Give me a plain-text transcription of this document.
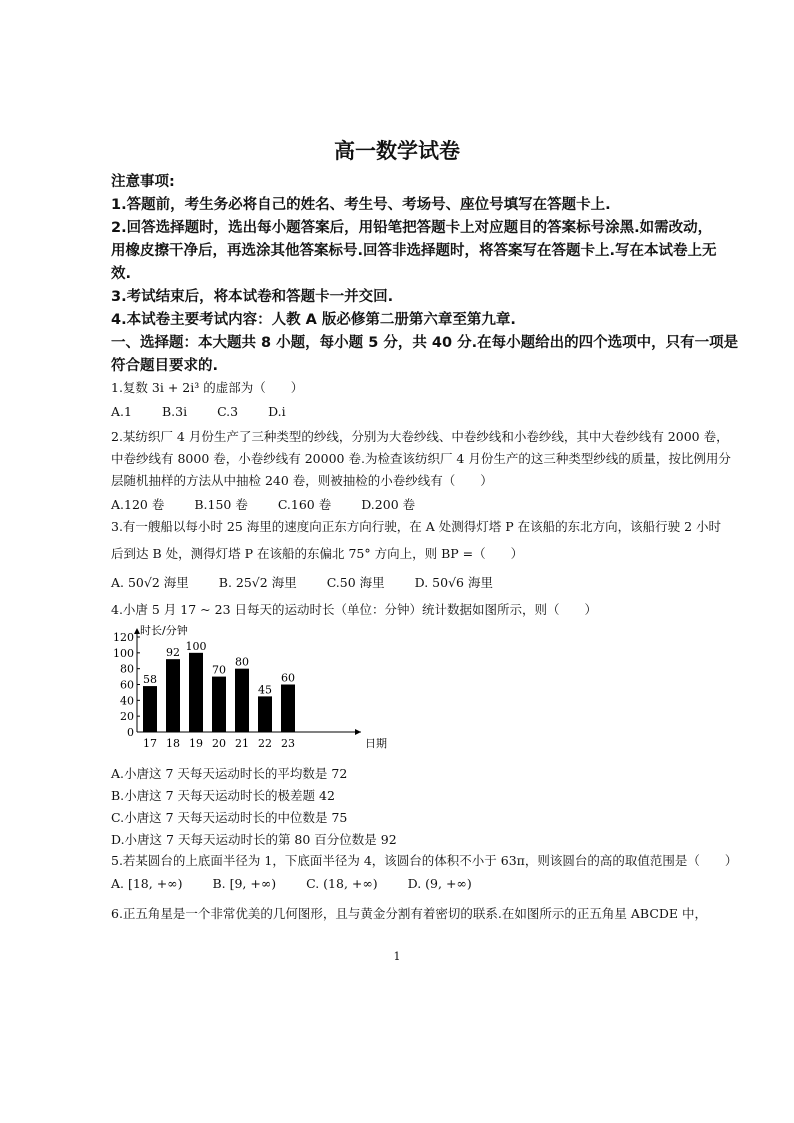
高一数学试卷
注意事项:
1.答题前，考生务必将自己的姓名、考生号、考场号、座位号填写在答题卡上.
2.回答选择题时，选出每小题答案后，用铅笔把答题卡上对应题目的答案标号涂黑.如需改动，
用橡皮擦干净后，再选涂其他答案标号.回答非选择题时，将答案写在答题卡上.写在本试卷上无
效.
3.考试结束后，将本试卷和答题卡一并交回.
4.本试卷主要考试内容：人教 A 版必修第二册第六章至第九章.
一、选择题：本大题共 8 小题，每小题 5 分，共 40 分.在每小题给出的四个选项中，只有一项是
符合题目要求的.
1.复数 3i + 2i³ 的虚部为（　　）
A.1 B.3i C.3 D.i
2.某纺织厂 4 月份生产了三种类型的纱线，分别为大卷纱线、中卷纱线和小卷纱线，其中大卷纱线有 2000 卷，
中卷纱线有 8000 卷，小卷纱线有 20000 卷.为检查该纺织厂 4 月份生产的这三种类型纱线的质量，按比例用分
层随机抽样的方法从中抽检 240 卷，则被抽检的小卷纱线有（　　）
A.120 卷 B.150 卷 C.160 卷 D.200 卷
3.有一艘船以每小时 25 海里的速度向正东方向行驶，在 A 处测得灯塔 P 在该船的东北方向，该船行驶 2 小时
后到达 B 处，测得灯塔 P 在该船的东偏北 75° 方向上，则 BP =（　　）
A. 50√2 海里 B. 25√2 海里 C.50 海里 D. 50√6 海里
4.小唐 5 月 17 ~ 23 日每天的运动时长（单位：分钟）统计数据如图所示，则（　　）
时长/分钟
日期
0
20
40
60
80
100
120
58
17
92
18
100
19
70
20
80
21
45
22
60
23
A.小唐这 7 天每天运动时长的平均数是 72
B.小唐这 7 天每天运动时长的极差题 42
C.小唐这 7 天每天运动时长的中位数是 75
D.小唐这 7 天每天运动时长的第 80 百分位数是 92
5.若某圆台的上底面半径为 1，下底面半径为 4，该圆台的体积不小于 63π，则该圆台的高的取值范围是（　　）
A. [18, +∞) B. [9, +∞) C. (18, +∞) D. (9, +∞)
6.正五角星是一个非常优美的几何图形，且与黄金分割有着密切的联系.在如图所示的正五角星 ABCDE 中，
1
